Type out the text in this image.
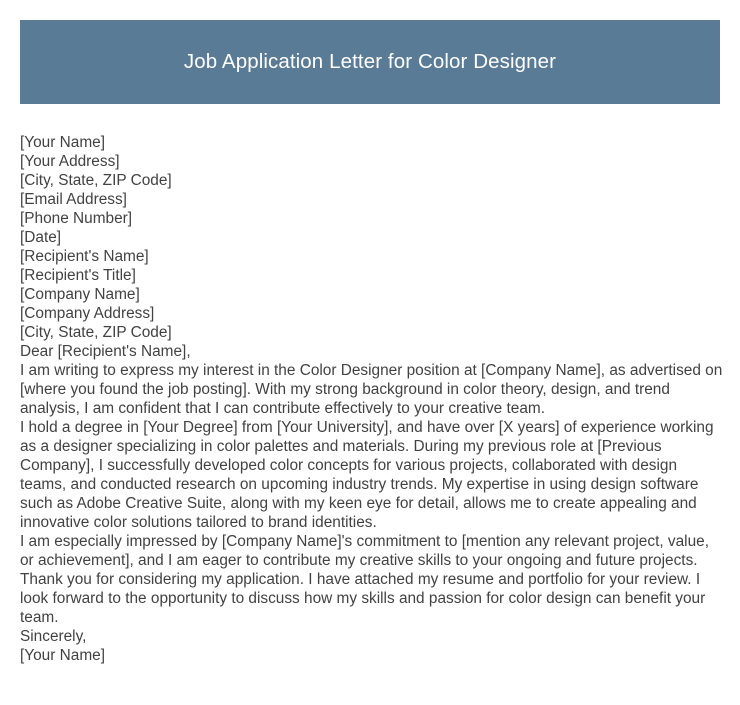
Job Application Letter for Color Designer

[Your Name]

[Your Address]

[City, State, ZIP Code]

[Email Address]

[Phone Number]

[Date]

[Recipient's Name]

[Recipient's Title]

[Company Name]

[Company Address]

[City, State, ZIP Code]

Dear [Recipient's Name],

I am writing to express my interest in the Color Designer position at [Company Name], as advertised on [where you found the job posting]. With my strong background in color theory, design, and trend analysis, I am confident that I can contribute effectively to your creative team.

I hold a degree in [Your Degree] from [Your University], and have over [X years] of experience working as a designer specializing in color palettes and materials. During my previous role at [Previous Company], I successfully developed color concepts for various projects, collaborated with design teams, and conducted research on upcoming industry trends. My expertise in using design software such as Adobe Creative Suite, along with my keen eye for detail, allows me to create appealing and innovative color solutions tailored to brand identities.

I am especially impressed by [Company Name]'s commitment to [mention any relevant project, value, or achievement], and I am eager to contribute my creative skills to your ongoing and future projects.

Thank you for considering my application. I have attached my resume and portfolio for your review. I look forward to the opportunity to discuss how my skills and passion for color design can benefit your team.

Sincerely,

[Your Name]
